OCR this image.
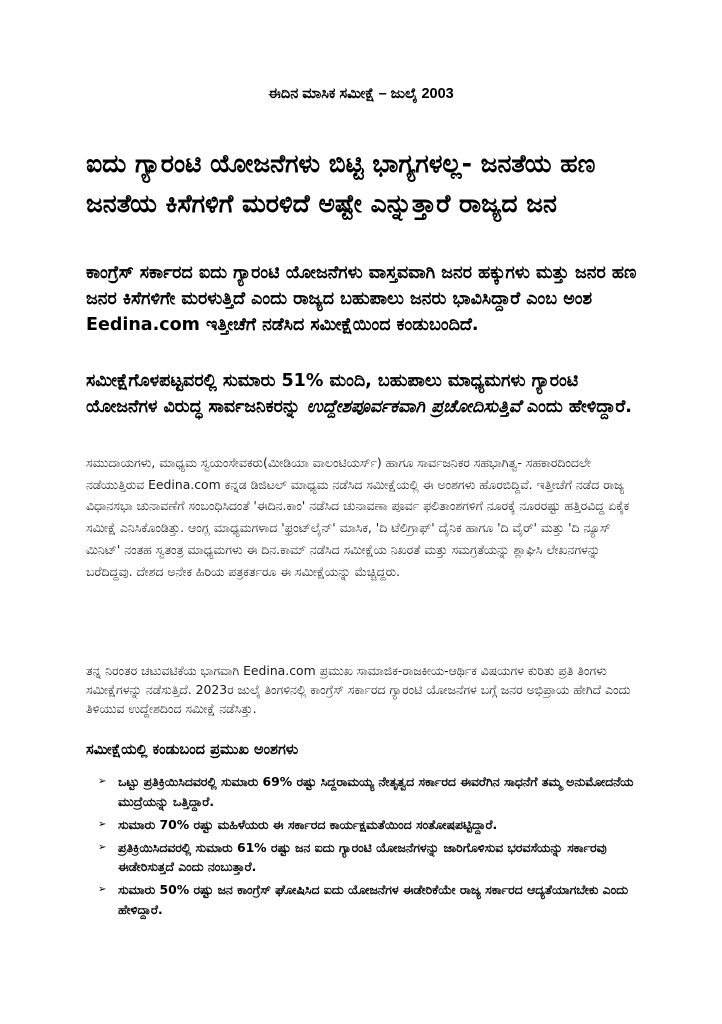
ಈದಿನ ಮಾಸಿಕ ಸಮೀಕ್ಷೆ – ಜುಲೈ 2003
ಐದು ಗ್ಯಾರಂಟಿ ಯೋಜನೆಗಳು ಬಿಟ್ಟಿ ಭಾಗ್ಯಗಳಲ್ಲ- ಜನತೆಯ ಹಣ ಜನತೆಯ ಕಿಸೆಗಳಿಗೆ ಮರಳಿದೆ ಅಷ್ಟೇ ಎನ್ನುತ್ತಾರೆ ರಾಜ್ಯದ ಜನ

ಕಾಂಗ್ರೆಸ್ ಸರ್ಕಾರದ ಐದು ಗ್ಯಾರಂಟಿ ಯೋಜನೆಗಳು ವಾಸ್ತವವಾಗಿ ಜನರ ಹಕ್ಕುಗಳು ಮತ್ತು ಜನರ ಹಣ ಜನರ ಕಿಸೆಗಳಿಗೇ ಮರಳುತ್ತಿದೆ ಎಂದು ರಾಜ್ಯದ ಬಹುಪಾಲು ಜನರು ಭಾವಿಸಿದ್ದಾರೆ ಎಂಬ ಅಂಶ Eedina.com ಇತ್ತೀಚೆಗೆ ನಡೆಸಿದ ಸಮೀಕ್ಷೆಯಿಂದ ಕಂಡುಬಂದಿದೆ.

ಸಮೀಕ್ಷೆಗೊಳಪಟ್ಟವರಲ್ಲಿ ಸುಮಾರು 51% ಮಂದಿ, ಬಹುಪಾಲು ಮಾಧ್ಯಮಗಳು ಗ್ಯಾರಂಟಿ ಯೋಜನೆಗಳ ವಿರುದ್ಧ ಸಾರ್ವಜನಿಕರನ್ನು ಉದ್ದೇಶಪೂರ್ವಕವಾಗಿ ಪ್ರಚೋದಿಸುತ್ತಿವೆ ಎಂದು ಹೇಳಿದ್ದಾರೆ.

ಸಮುದಾಯಗಳು, ಮಾಧ್ಯಮ ಸ್ವಯಂಸೇವಕರು(ಮೀಡಿಯಾ ವಾಲಂಟಿಯರ್ಸ್) ಹಾಗೂ ಸಾರ್ವಜನಿಕರ ಸಹಭಾಗಿತ್ವ- ಸಹಕಾರದಿಂದಲೇ ನಡೆಯುತ್ತಿರುವ Eedina.com ಕನ್ನಡ ಡಿಜಿಟಲ್ ಮಾಧ್ಯಮ ನಡೆಸಿದ ಸಮೀಕ್ಷೆಯಲ್ಲಿ ಈ ಅಂಶಗಳು ಹೊರಬಿದ್ದಿವೆ. ಇತ್ತೀಚೆಗೆ ನಡೆದ ರಾಜ್ಯ ವಿಧಾನಸಭಾ ಚುನಾವಣೆಗೆ ಸಂಬಂಧಿಸಿದಂತೆ 'ಈದಿನ.ಕಾಂ' ನಡೆಸಿದ ಚುನಾವಣಾ ಪೂರ್ವ ಫಲಿತಾಂಶಗಳಿಗೆ ನೂರಕ್ಕೆ ನೂರರಷ್ಟು ಹತ್ತಿರವಿದ್ದ ಏಕೈಕ ಸಮೀಕ್ಷೆ ಎನಿಸಿಕೊಂಡಿತ್ತು. ಆಂಗ್ಲ ಮಾಧ್ಯಮಗಳಾದ 'ಫ್ರಂಟ್‌ಲೈನ್' ಮಾಸಿಕ, 'ದಿ ಟೆಲಿಗ್ರಾಫ್' ದೈನಿಕ ಹಾಗೂ 'ದಿ ವೈರ್' ಮತ್ತು 'ದಿ ನ್ಯೂಸ್ ಮಿನಿಟ್' ನಂತಹ ಸ್ವತಂತ್ರ ಮಾಧ್ಯಮಗಳು ಈ ದಿನ.ಕಾಮ್ ನಡೆಸಿದ ಸಮೀಕ್ಷೆಯ ನಿಖರತೆ ಮತ್ತು ಸಮಗ್ರತೆಯನ್ನು ಶ್ಲಾಘಿಸಿ ಲೇಖನಗಳನ್ನು ಬರೆದಿದ್ದವು. ದೇಶದ ಅನೇಕ ಹಿರಿಯ ಪತ್ರಕರ್ತರೂ ಈ ಸಮೀಕ್ಷೆಯನ್ನು ಮೆಚ್ಚಿದ್ದರು.

ತನ್ನ ನಿರಂತರ ಚಟುವಟಿಕೆಯ ಭಾಗವಾಗಿ Eedina.com ಪ್ರಮುಖ ಸಾಮಾಜಿಕ-ರಾಜಕೀಯ-ಆರ್ಥಿಕ ವಿಷಯಗಳ ಕುರಿತು ಪ್ರತಿ ತಿಂಗಳು ಸಮೀಕ್ಷೆಗಳನ್ನು ನಡೆಸುತ್ತಿದೆ. 2023ರ ಜುಲೈ ತಿಂಗಳಿನಲ್ಲಿ ಕಾಂಗ್ರೆಸ್ ಸರ್ಕಾರದ ಗ್ಯಾರಂಟಿ ಯೋಜನೆಗಳ ಬಗ್ಗೆ ಜನರ ಅಭಿಪ್ರಾಯ ಹೇಗಿದೆ ಎಂದು ತಿಳಿಯುವ ಉದ್ದೇಶದಿಂದ ಸಮೀಕ್ಷೆ ನಡೆಸಿತ್ತು.

ಸಮೀಕ್ಷೆಯಲ್ಲಿ ಕಂಡುಬಂದ ಪ್ರಮುಖ ಅಂಶಗಳು
➢ ಒಟ್ಟು ಪ್ರತಿಕ್ರಿಯಿಸಿದವರಲ್ಲಿ ಸುಮಾರು 69% ರಷ್ಟು ಸಿದ್ದರಾಮಯ್ಯ ನೇತೃತ್ವದ ಸರ್ಕಾರದ ಈವರೆಗಿನ ಸಾಧನೆಗೆ ತಮ್ಮ ಅನುಮೋದನೆಯ ಮುದ್ರೆಯನ್ನು ಒತ್ತಿದ್ದಾರೆ.
➢ ಸುಮಾರು 70% ರಷ್ಟು ಮಹಿಳೆಯರು ಈ ಸರ್ಕಾರದ ಕಾರ್ಯಕ್ಷಮತೆಯಿಂದ ಸಂತೋಷಪಟ್ಟಿದ್ದಾರೆ.
➢ ಪ್ರತಿಕ್ರಿಯಿಸಿದವರಲ್ಲಿ ಸುಮಾರು 61% ರಷ್ಟು ಜನ ಐದು ಗ್ಯಾರಂಟಿ ಯೋಜನೆಗಳನ್ನು ಜಾರಿಗೊಳಿಸುವ ಭರವಸೆಯನ್ನು ಸರ್ಕಾರವು ಈಡೇರಿಸುತ್ತದೆ ಎಂದು ನಂಬುತ್ತಾರೆ.
➢ ಸುಮಾರು 50% ರಷ್ಟು ಜನ ಕಾಂಗ್ರೆಸ್ ಘೋಷಿಸಿದ ಐದು ಯೋಜನೆಗಳ ಈಡೇರಿಕೆಯೇ ರಾಜ್ಯ ಸರ್ಕಾರದ ಆದ್ಯತೆಯಾಗಬೇಕು ಎಂದು ಹೇಳಿದ್ದಾರೆ.
